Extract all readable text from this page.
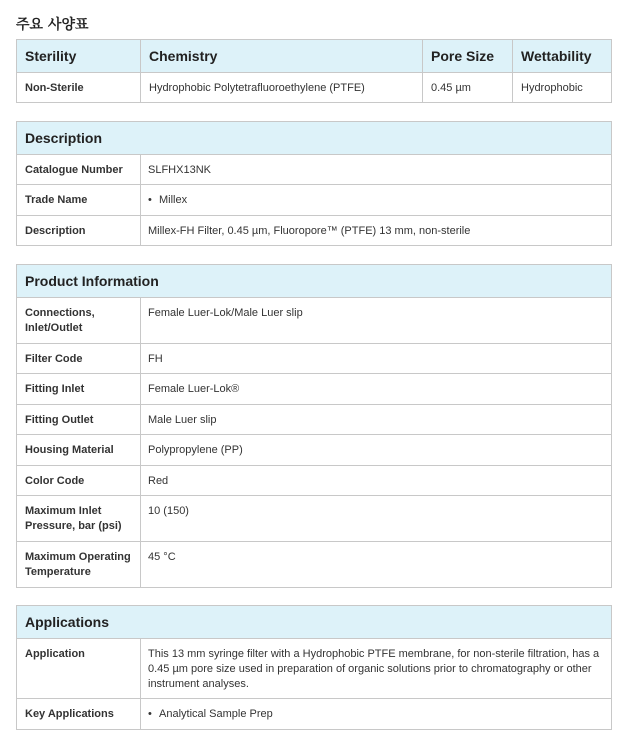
주요 사양표
Sterility	Chemistry	Pore Size	Wettability
Non-Sterile	Hydrophobic Polytetrafluoroethylene (PTFE)	0.45 µm	Hydrophobic
Description	
Catalogue Number	SLFHX13NK
Trade Name	• Millex
Description	Millex-FH Filter, 0.45 µm, Fluoropore™ (PTFE) 13 mm, non-sterile
Product Information	
Connections, Inlet/Outlet	Female Luer-Lok/Male Luer slip
Filter Code	FH
Fitting Inlet	Female Luer-Lok®
Fitting Outlet	Male Luer slip
Housing Material	Polypropylene (PP)
Color Code	Red
Maximum Inlet Pressure, bar (psi)	10 (150)
Maximum Operating Temperature	45 °C
Applications	
Application	This 13 mm syringe filter with a Hydrophobic PTFE membrane, for non-sterile filtration, has a 0.45 µm pore size used in preparation of organic solutions prior to chromatography or other instrument analyses.
Key Applications	• Analytical Sample Prep
